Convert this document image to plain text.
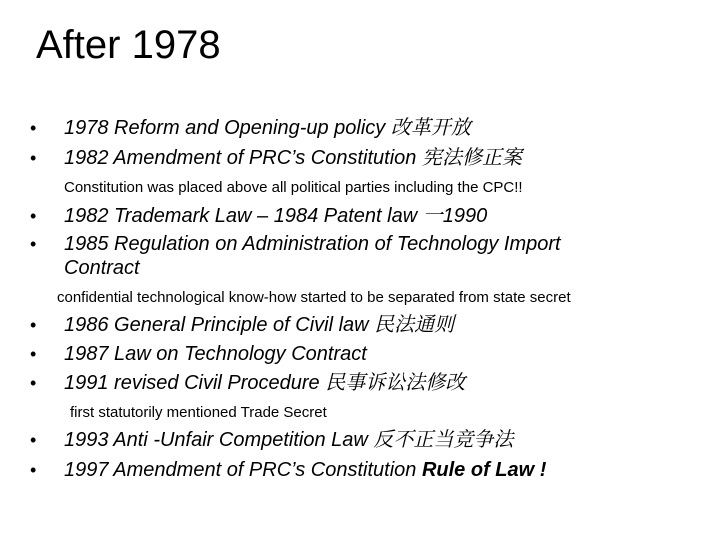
After 1978
• 1978 Reform and Opening-up policy 改革开放
• 1982 Amendment of PRC’s Constitution 宪法修正案
Constitution was placed above all political parties including the CPC!!
• 1982 Trademark Law – 1984 Patent law 一1990
• 1985 Regulation on Administration of Technology Import
Contract
confidential technological know-how started to be separated from state secret
• 1986 General Principle of Civil law 民法通则
• 1987 Law on Technology Contract
• 1991 revised Civil Procedure 民事诉讼法修改
first statutorily mentioned Trade Secret
• 1993 Anti -Unfair Competition Law 反不正当竞争法
• 1997 Amendment of PRC’s Constitution Rule of Law !
